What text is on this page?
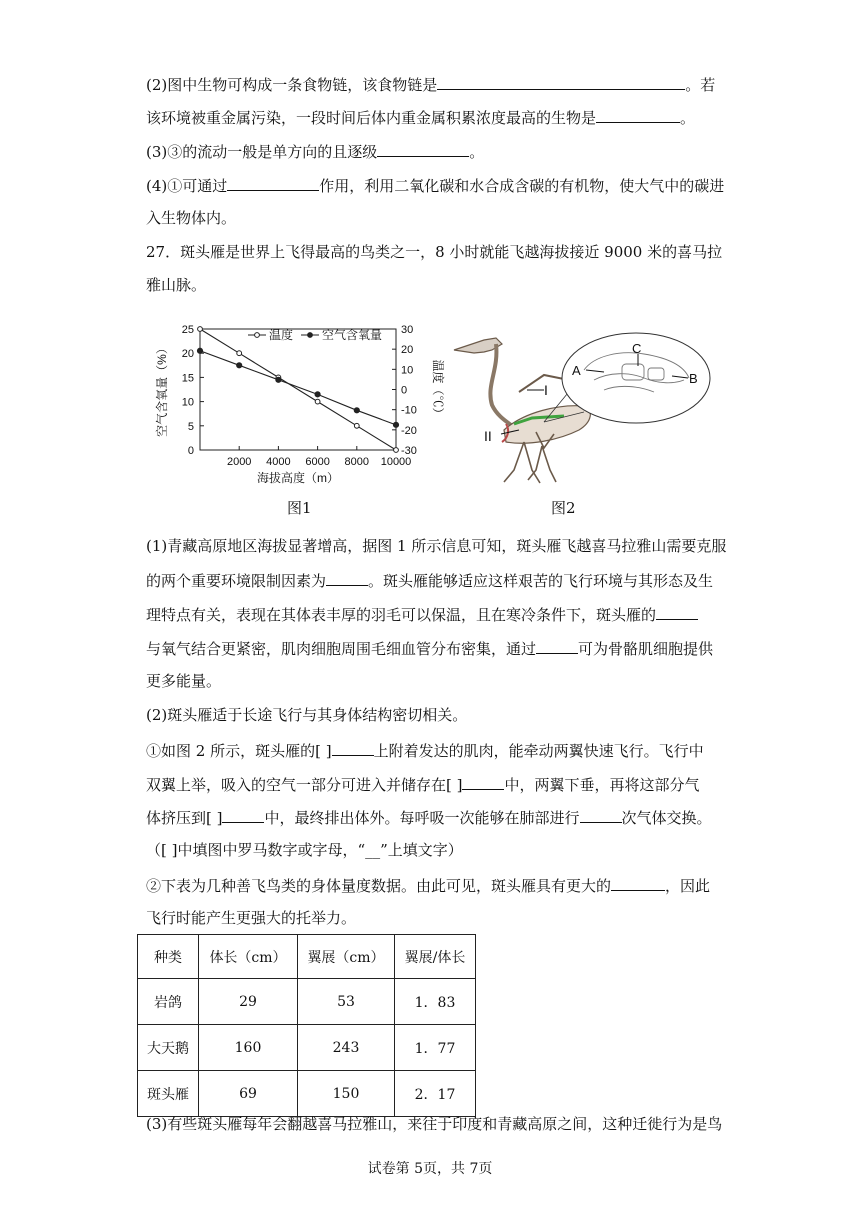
(2)图中生物可构成一条食物链，该食物链是	。若
该环境被重金属污染，一段时间后体内重金属积累浓度最高的生物是	。
(3)③的流动一般是单方向的且逐级	。
(4)①可通过	作用，利用二氧化碳和水合成含碳的有机物，使大气中的碳进
入生物体内。
27．斑头雁是世界上飞得最高的鸟类之一，8 小时就能飞越海拔接近 9000 米的喜马拉
雅山脉。
0
5
10
15
20
25
-30
-20
-10
0
10
20
30
2000 4000 6000 8000 10000
海拔高度（m）
空气含氧量（%）	温度（℃）
温度 空气含氧量
图1
I
II
C
A
B
图2
(1)青藏高原地区海拔显著增高，据图 1 所示信息可知，斑头雁飞越喜马拉雅山需要克服
的两个重要环境限制因素为	。斑头雁能够适应这样艰苦的飞行环境与其形态及生
理特点有关，表现在其体表丰厚的羽毛可以保温，且在寒冷条件下，斑头雁的
与氧气结合更紧密，肌肉细胞周围毛细血管分布密集，通过	可为骨骼肌细胞提供
更多能量。
(2)斑头雁适于长途飞行与其身体结构密切相关。
①如图 2 所示，斑头雁的[ ]	上附着发达的肌肉，能牵动两翼快速飞行。飞行中
双翼上举，吸入的空气一部分可进入并储存在[ ]	中，两翼下垂，再将这部分气
体挤压到[ ]	中，最终排出体外。每呼吸一次能够在肺部进行	次气体交换。
（[ ]中填图中罗马数字或字母，“__”上填文字）
②下表为几种善飞鸟类的身体量度数据。由此可见，斑头雁具有更大的	，因此
飞行时能产生更强大的托举力。
种类	体长（cm）	翼展（cm）	翼展/体长
岩鸽	29	53	1．83
大天鹅	160	243	1．77
斑头雁	69	150	2．17
(3)有些斑头雁每年会翻越喜马拉雅山，来往于印度和青藏高原之间，这种迁徙行为是鸟
试卷第 5页，共 7页
